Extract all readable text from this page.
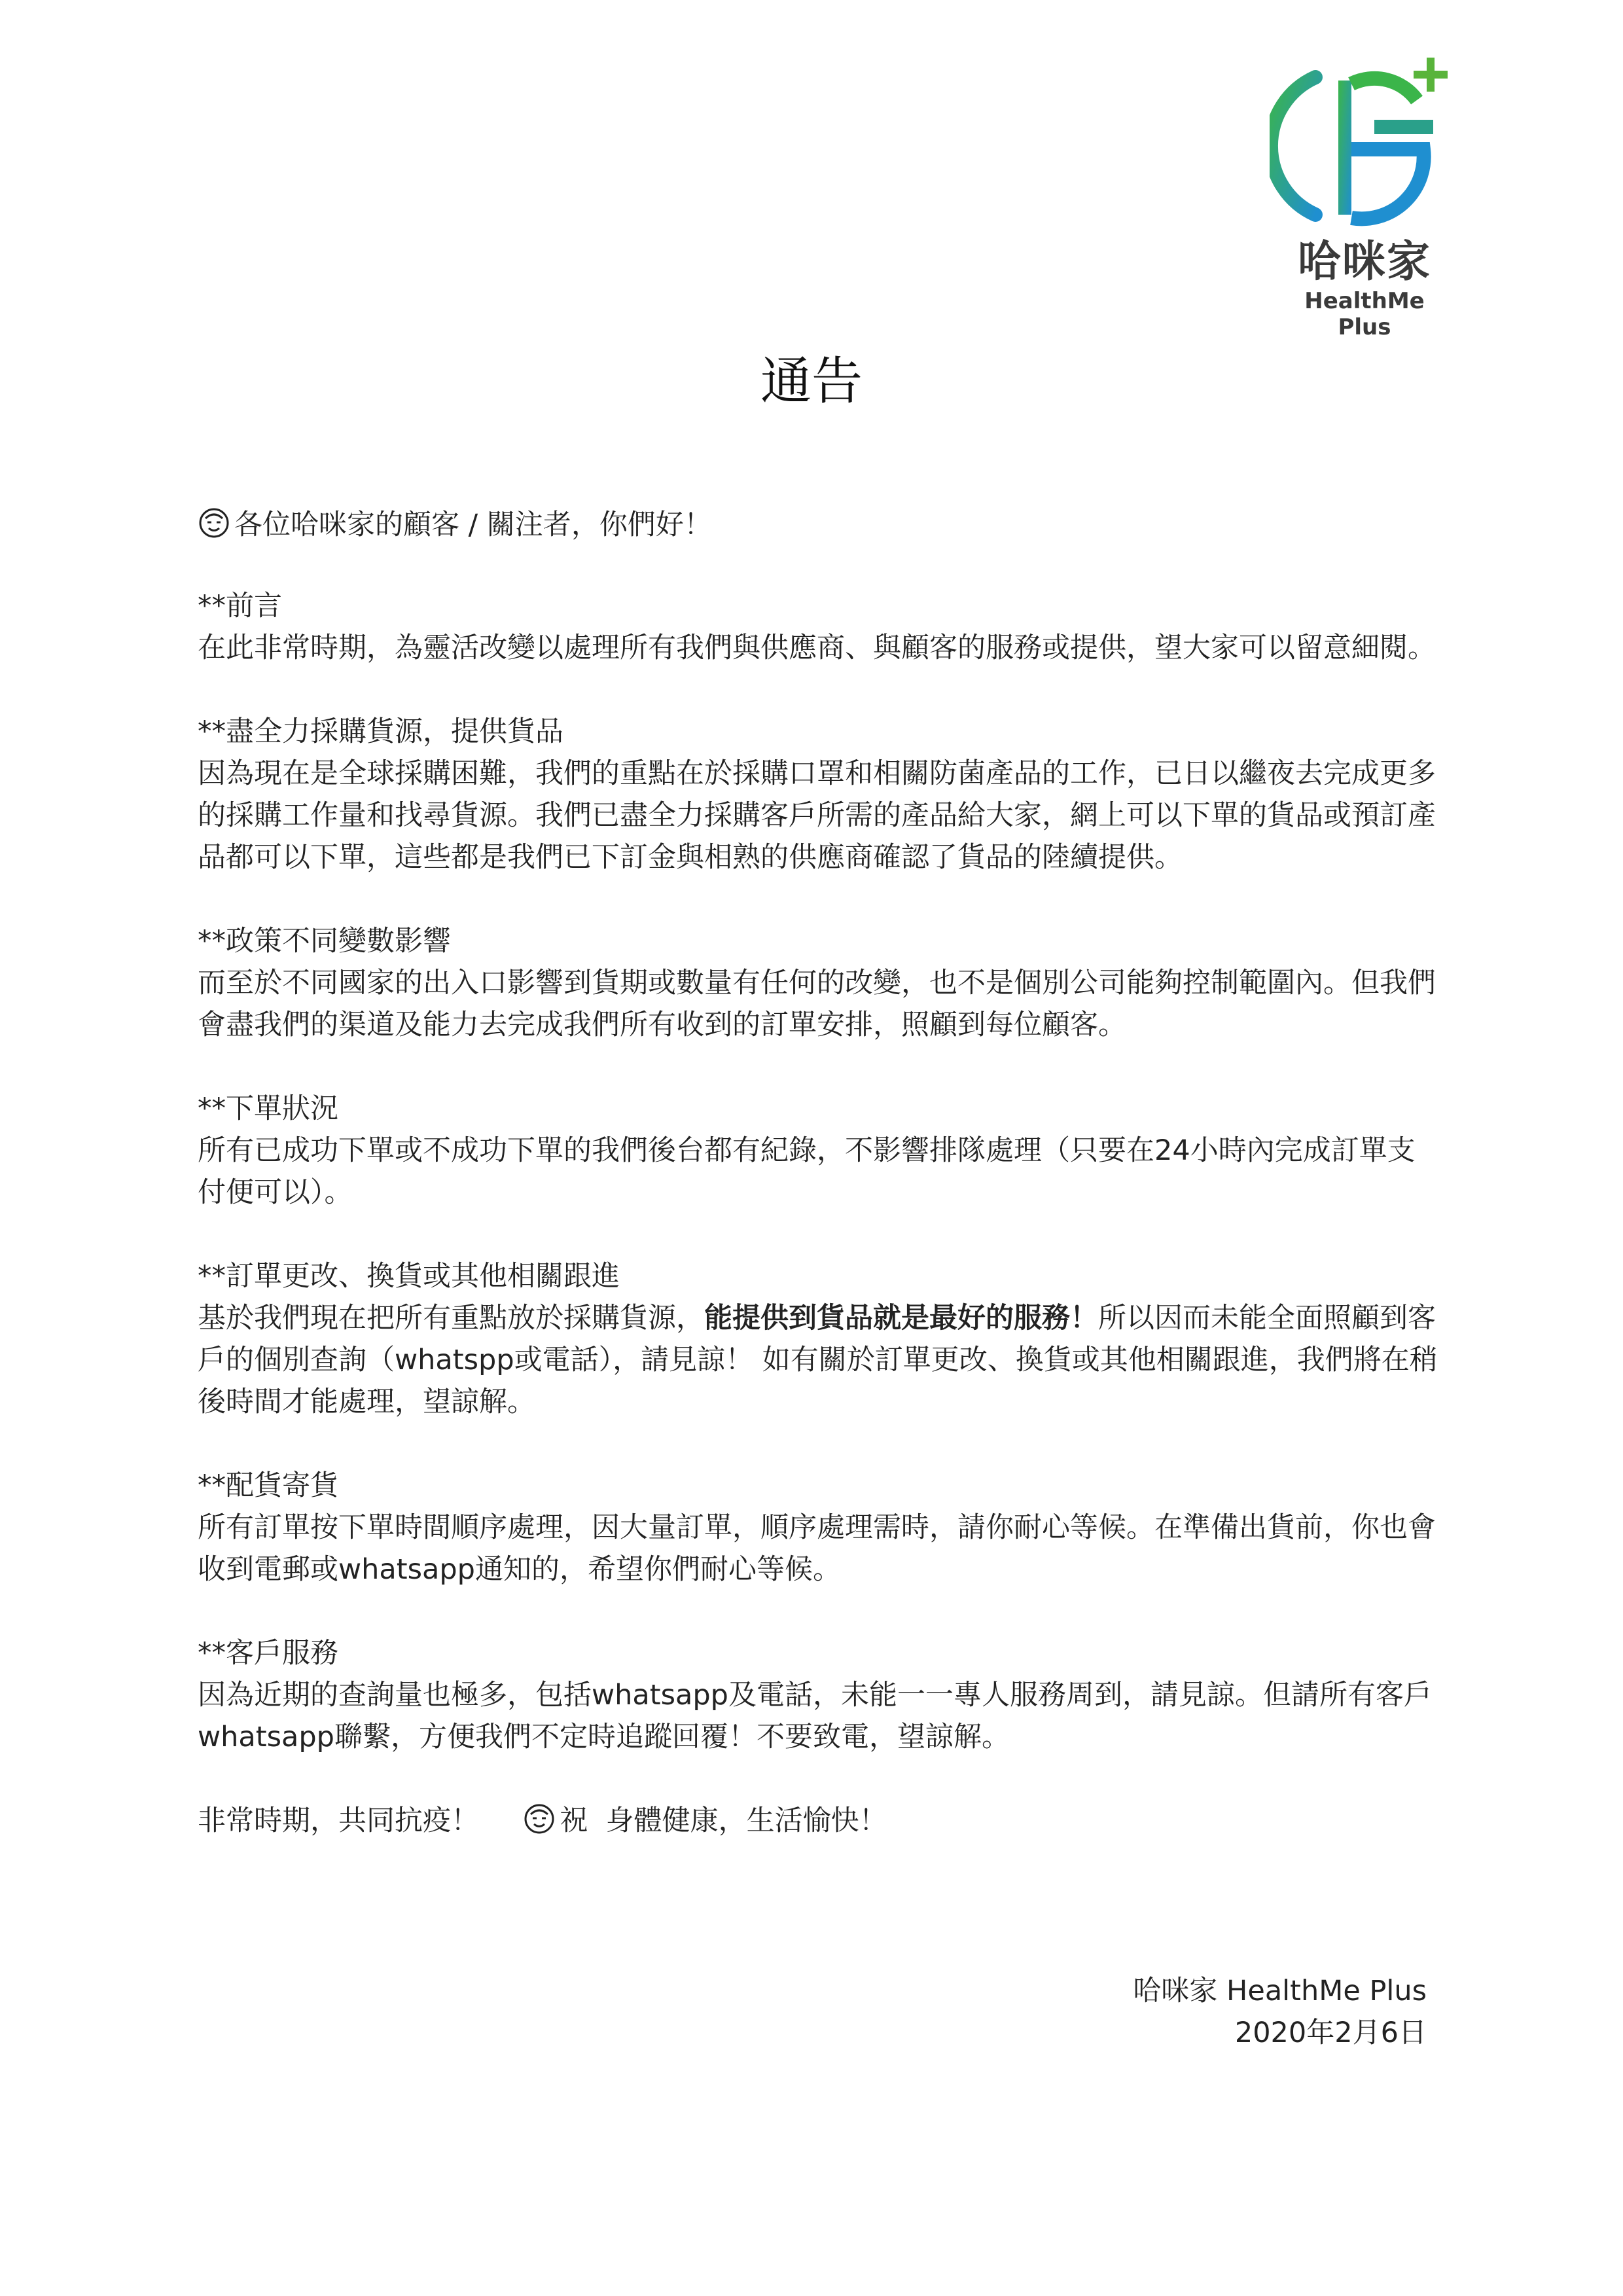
哈咪家
HealthMe Plus
通告

各位哈咪家的顧客 / 關注者，你們好！

**前言

在此非常時期，為靈活改變以處理所有我們與供應商、與顧客的服務或提供，望大家可以留意細閱。

**盡全力採購貨源，提供貨品

因為現在是全球採購困難，我們的重點在於採購口罩和相關防菌產品的工作，已日以繼夜去完成更多的採購工作量和找尋貨源。我們已盡全力採購客戶所需的產品給大家，網上可以下單的貨品或預訂產品都可以下單，這些都是我們已下訂金與相熟的供應商確認了貨品的陸續提供。

**政策不同變數影響

而至於不同國家的出入口影響到貨期或數量有任何的改變，也不是個別公司能夠控制範圍內。但我們會盡我們的渠道及能力去完成我們所有收到的訂單安排，照顧到每位顧客。

**下單狀況

所有已成功下單或不成功下單的我們後台都有紀錄，不影響排隊處理（只要在24小時內完成訂單支付便可以）。

**訂單更改、換貨或其他相關跟進

基於我們現在把所有重點放於採購貨源，能提供到貨品就是最好的服務！所以因而未能全面照顧到客戶的個別查詢（whatspp或電話），請見諒！ 如有關於訂單更改、換貨或其他相關跟進，我們將在稍後時間才能處理，望諒解。

**配貨寄貨

所有訂單按下單時間順序處理，因大量訂單，順序處理需時，請你耐心等候。在準備出貨前，你也會收到電郵或whatsapp通知的，希望你們耐心等候。

**客戶服務

因為近期的查詢量也極多，包括whatsapp及電話，未能一一專人服務周到，請見諒。但請所有客戶whatsapp聯繫，方便我們不定時追蹤回覆！不要致電，望諒解。

非常時期，共同抗疫！	祝  身體健康，生活愉快！

哈咪家 HealthMe Plus
2020年2月6日
